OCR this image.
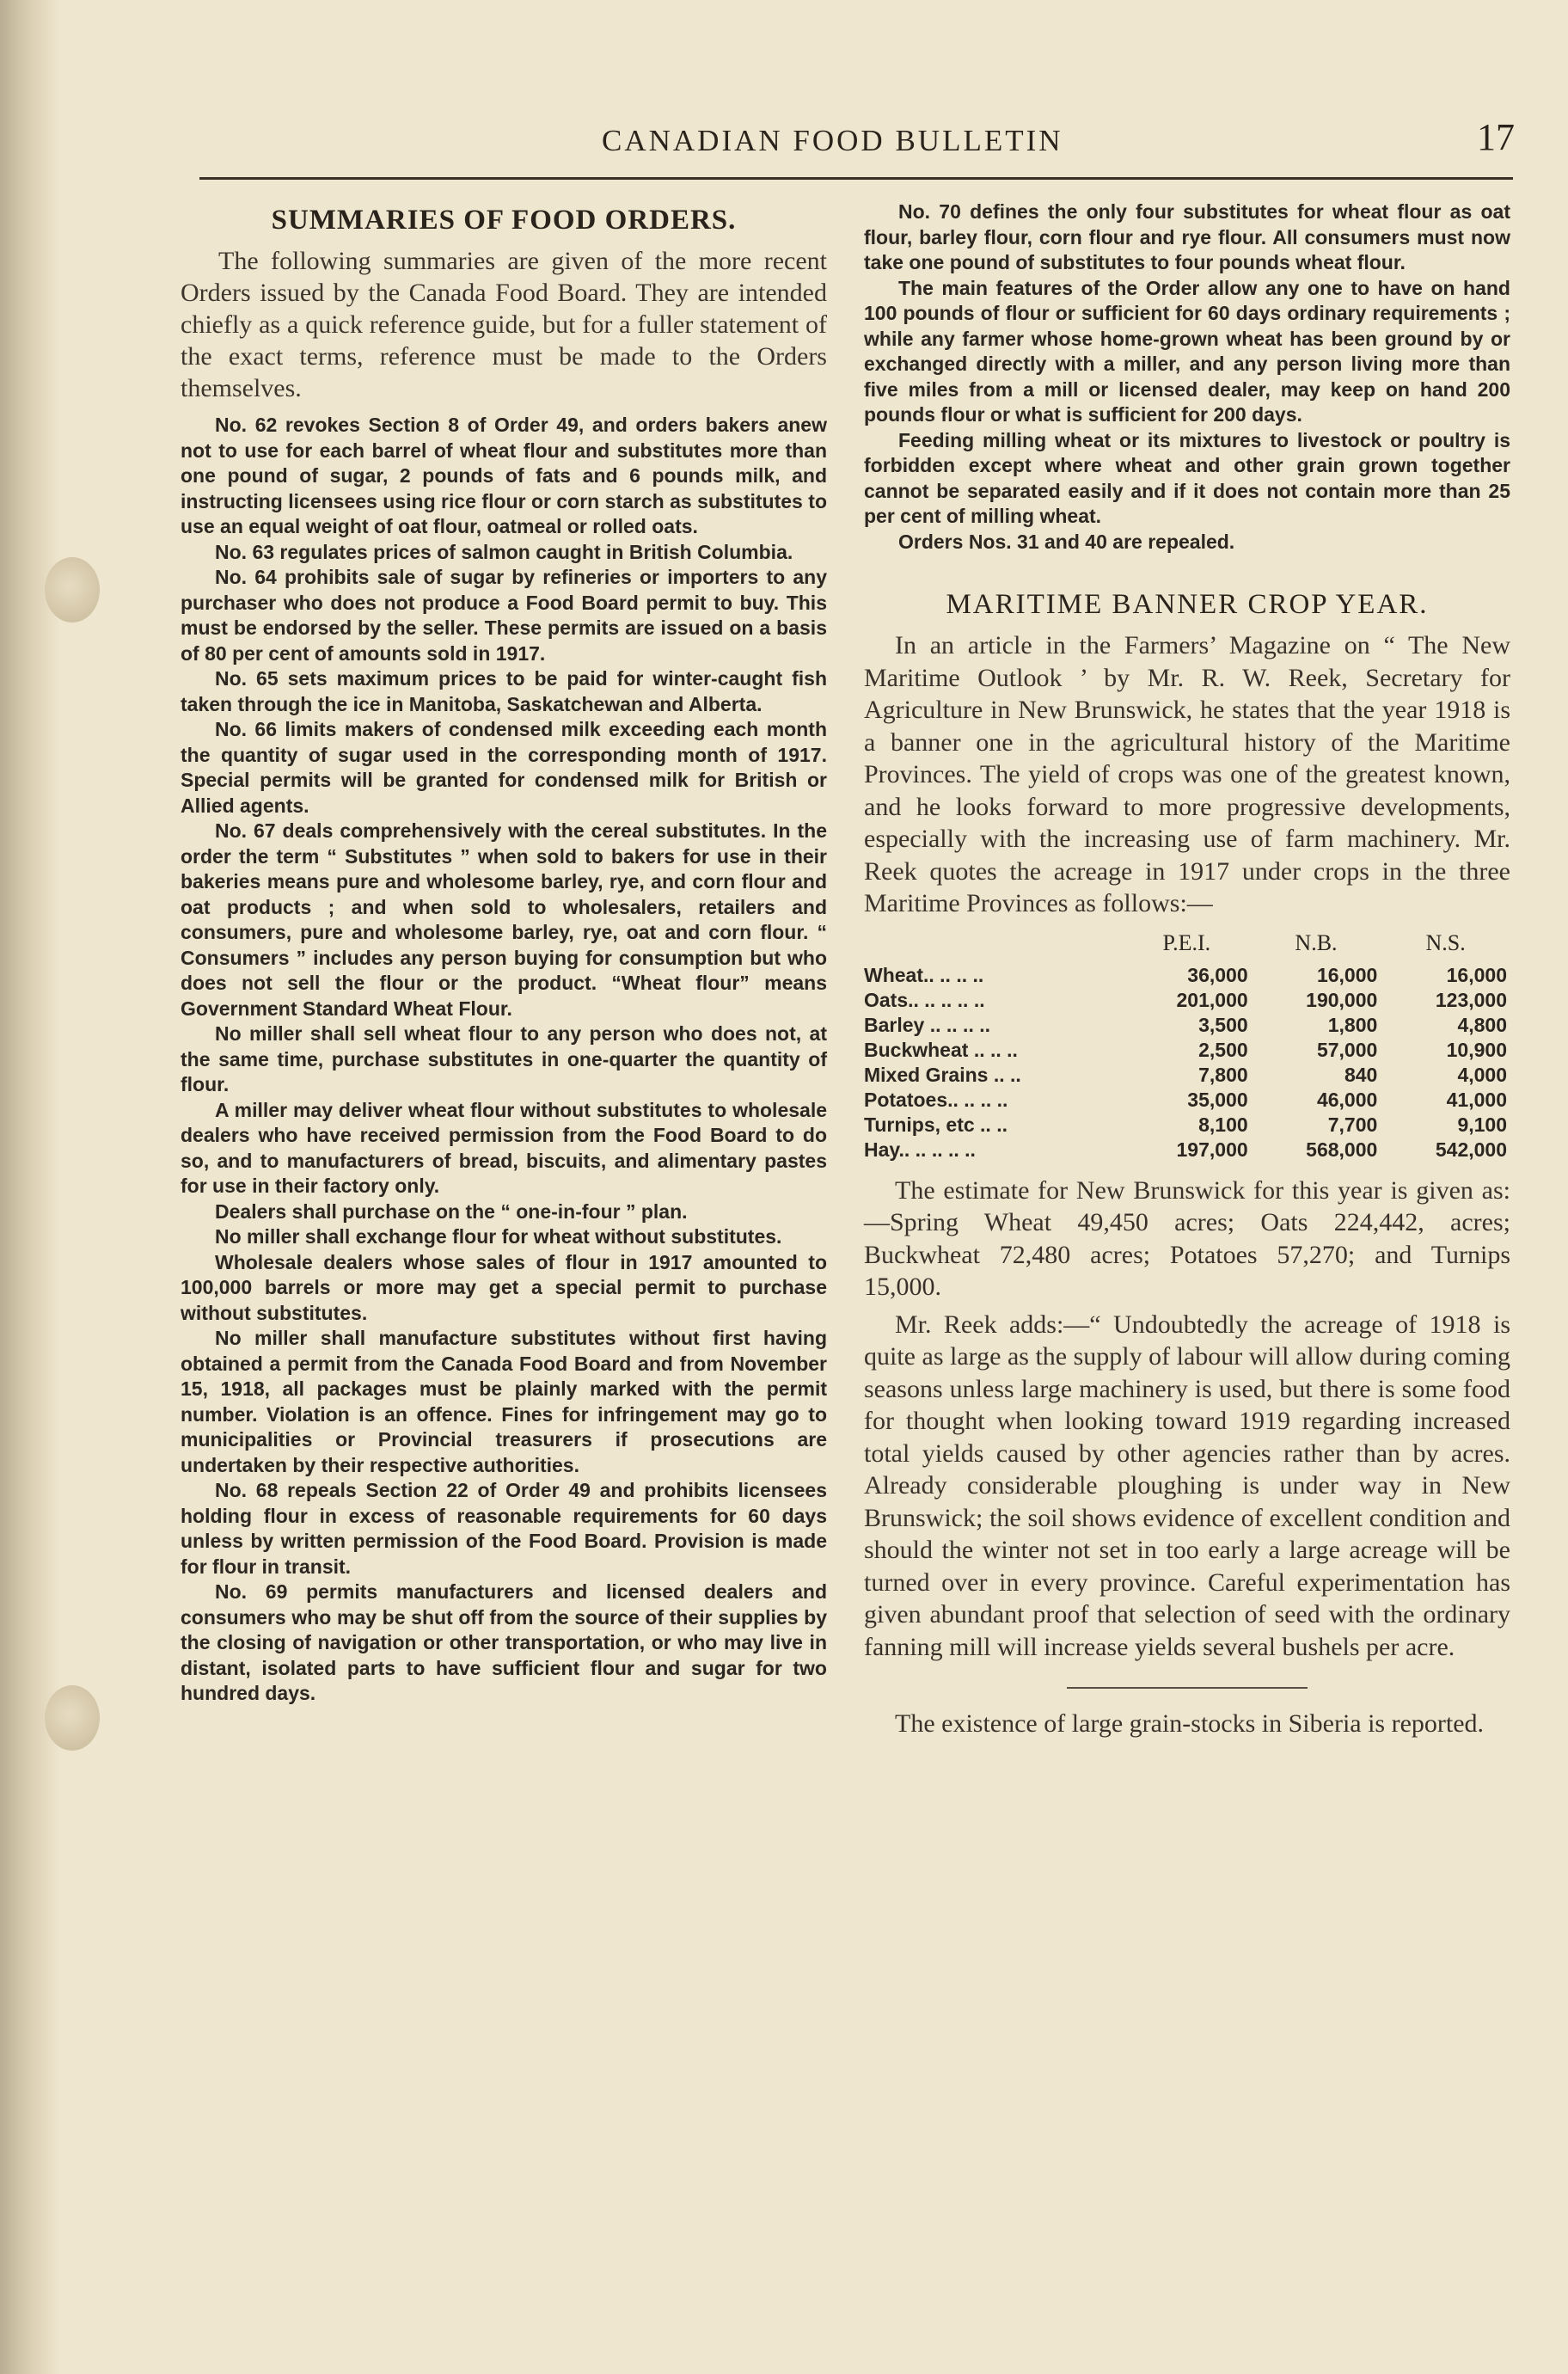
CANADIAN FOOD BULLETIN	17
SUMMARIES OF FOOD ORDERS.

The following summaries are given of the more recent Orders issued by the Canada Food Board. They are intended chiefly as a quick reference guide, but for a fuller statement of the exact terms, reference must be made to the Orders themselves.

No. 62 revokes Section 8 of Order 49, and orders bakers anew not to use for each barrel of wheat flour and substitutes more than one pound of sugar, 2 pounds of fats and 6 pounds milk, and instructing licensees using rice flour or corn starch as substitutes to use an equal weight of oat flour, oatmeal or rolled oats.

No. 63 regulates prices of salmon caught in British Columbia.

No. 64 prohibits sale of sugar by refineries or importers to any purchaser who does not produce a Food Board permit to buy. This must be endorsed by the seller. These permits are issued on a basis of 80 per cent of amounts sold in 1917.

No. 65 sets maximum prices to be paid for winter-caught fish taken through the ice in Manitoba, Saskatchewan and Alberta.

No. 66 limits makers of condensed milk exceeding each month the quantity of sugar used in the corresponding month of 1917. Special permits will be granted for condensed milk for British or Allied agents.

No. 67 deals comprehensively with the cereal substitutes. In the order the term “ Substitutes ” when sold to bakers for use in their bakeries means pure and wholesome barley, rye, and corn flour and oat products ; and when sold to wholesalers, retailers and consumers, pure and wholesome barley, rye, oat and corn flour. “ Consumers ” includes any person buying for consumption but who does not sell the flour or the product. “Wheat flour” means Government Standard Wheat Flour.

No miller shall sell wheat flour to any person who does not, at the same time, purchase substitutes in one-quarter the quantity of flour.

A miller may deliver wheat flour without substitutes to wholesale dealers who have received permission from the Food Board to do so, and to manufacturers of bread, biscuits, and alimentary pastes for use in their factory only.

Dealers shall purchase on the “ one-in-four ” plan.

No miller shall exchange flour for wheat without substitutes.

Wholesale dealers whose sales of flour in 1917 amounted to 100,000 barrels or more may get a special permit to purchase without substitutes.

No miller shall manufacture substitutes without first having obtained a permit from the Canada Food Board and from November 15, 1918, all packages must be plainly marked with the permit number. Violation is an offence. Fines for infringement may go to municipalities or Provincial treasurers if prosecutions are undertaken by their respective authorities.

No. 68 repeals Section 22 of Order 49 and prohibits licensees holding flour in excess of reasonable requirements for 60 days unless by written permission of the Food Board. Provision is made for flour in transit.

No. 69 permits manufacturers and licensed dealers and consumers who may be shut off from the source of their supplies by the closing of navigation or other transportation, or who may live in distant, isolated parts to have sufficient flour and sugar for two hundred days.

No. 70 defines the only four substitutes for wheat flour as oat flour, barley flour, corn flour and rye flour. All consumers must now take one pound of substitutes to four pounds wheat flour.

The main features of the Order allow any one to have on hand 100 pounds of flour or sufficient for 60 days ordinary requirements ; while any farmer whose home-grown wheat has been ground by or exchanged directly with a miller, and any person living more than five miles from a mill or licensed dealer, may keep on hand 200 pounds flour or what is sufficient for 200 days.

Feeding milling wheat or its mixtures to livestock or poultry is forbidden except where wheat and other grain grown together cannot be separated easily and if it does not contain more than 25 per cent of milling wheat.

Orders Nos. 31 and 40 are repealed.

MARITIME BANNER CROP YEAR.

In an article in the Farmers’ Magazine on “ The New Maritime Outlook ’ by Mr. R. W. Reek, Secretary for Agriculture in New Brunswick, he states that the year 1918 is a banner one in the agricultural history of the Maritime Provinces. The yield of crops was one of the greatest known, and he looks forward to more progressive developments, especially with the increasing use of farm machinery. Mr. Reek quotes the acreage in 1917 under crops in the three Maritime Provinces as follows:—

	P.E.I.	N.B.	N.S.
Wheat.. .. .. ..	36,000	16,000	16,000
Oats.. .. .. .. ..	201,000	190,000	123,000
Barley .. .. .. ..	3,500	1,800	4,800
Buckwheat .. .. ..	2,500	57,000	10,900
Mixed Grains .. ..	7,800	840	4,000
Potatoes.. .. .. ..	35,000	46,000	41,000
Turnips, etc .. ..	8,100	7,700	9,100
Hay.. .. .. .. ..	197,000	568,000	542,000

The estimate for New Brunswick for this year is given as:—Spring Wheat 49,450 acres; Oats 224,442, acres; Buckwheat 72,480 acres; Potatoes 57,270; and Turnips 15,000.

Mr. Reek adds:—“ Undoubtedly the acreage of 1918 is quite as large as the supply of labour will allow during coming seasons unless large machinery is used, but there is some food for thought when looking toward 1919 regarding increased total yields caused by other agencies rather than by acres. Already considerable ploughing is under way in New Brunswick; the soil shows evidence of excellent condition and should the winter not set in too early a large acreage will be turned over in every province. Careful experimentation has given abundant proof that selection of seed with the ordinary fanning mill will increase yields several bushels per acre.

The existence of large grain-stocks in Siberia is reported.
